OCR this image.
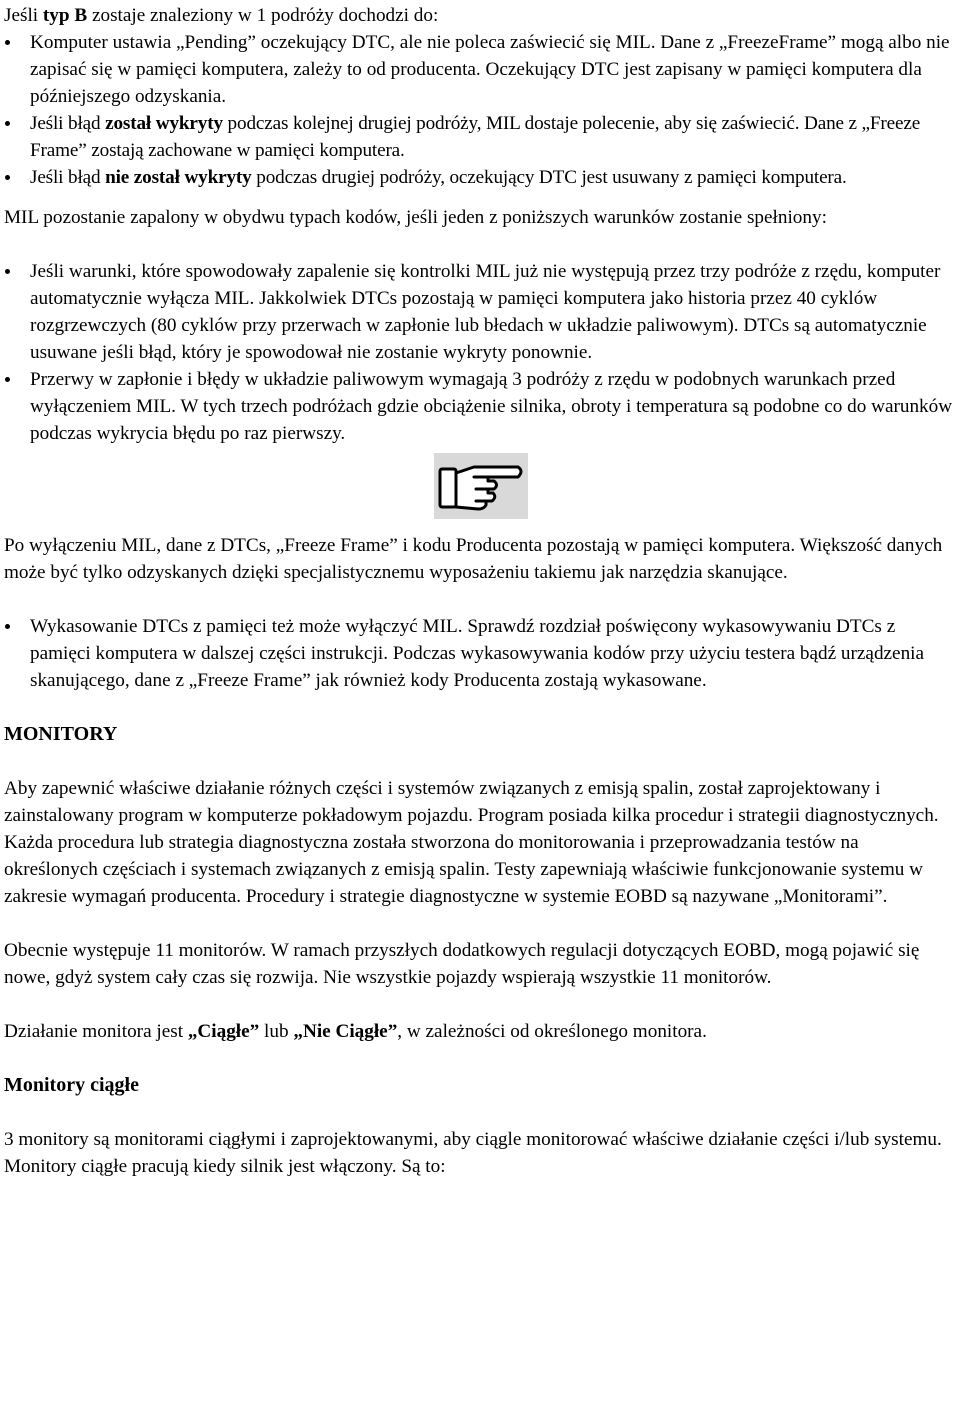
Jeśli typ B zostaje znaleziony w 1 podróży dochodzi do:

Komputer ustawia „Pending” oczekujący DTC, ale nie poleca zaświecić się MIL. Dane z „FreezeFrame” mogą albo nie zapisać się w pamięci komputera, zależy to od producenta. Oczekujący DTC jest zapisany w pamięci komputera dla późniejszego odzyskania.
Jeśli błąd został wykryty podczas kolejnej drugiej podróży, MIL dostaje polecenie, aby się zaświecić. Dane z „Freeze Frame” zostają zachowane w pamięci komputera.
Jeśli błąd nie został wykryty podczas drugiej podróży, oczekujący DTC jest usuwany z pamięci komputera.

MIL pozostanie zapalony w obydwu typach kodów, jeśli jeden z poniższych warunków zostanie spełniony:

Jeśli warunki, które spowodowały zapalenie się kontrolki MIL już nie występują przez trzy podróże z rzędu, komputer automatycznie wyłącza MIL. Jakkolwiek DTCs pozostają w pamięci komputera jako historia przez 40 cyklów rozgrzewczych (80 cyklów przy przerwach w zapłonie lub błedach w układzie paliwowym). DTCs są automatycznie usuwane jeśli błąd, który je spowodował nie zostanie wykryty ponownie.
Przerwy w zapłonie i błędy w układzie paliwowym wymagają 3 podróży z rzędu w podobnych warunkach przed wyłączeniem MIL. W tych trzech podróżach gdzie obciążenie silnika, obroty i temperatura są podobne co do warunków podczas wykrycia błędu po raz pierwszy.

Po wyłączeniu MIL, dane z DTCs, „Freeze Frame” i kodu Producenta pozostają w pamięci komputera. Większość danych może być tylko odzyskanych dzięki specjalistycznemu wyposażeniu takiemu jak narzędzia skanujące.

Wykasowanie DTCs z pamięci też może wyłączyć MIL. Sprawdź rozdział poświęcony wykasowywaniu DTCs z pamięci komputera w dalszej części instrukcji. Podczas wykasowywania kodów przy użyciu testera bądź urządzenia skanującego, dane z „Freeze Frame” jak również kody Producenta zostają wykasowane.

MONITORY

Aby zapewnić właściwe działanie różnych części i systemów związanych z emisją spalin, został zaprojektowany i zainstalowany program w komputerze pokładowym pojazdu. Program posiada kilka procedur i strategii diagnostycznych. Każda procedura lub strategia diagnostyczna została stworzona do monitorowania i przeprowadzania testów na określonych częściach i systemach związanych z emisją spalin. Testy zapewniają właściwie funkcjonowanie systemu w zakresie wymagań producenta. Procedury i strategie diagnostyczne w systemie EOBD są nazywane „Monitorami”.

Obecnie występuje 11 monitorów. W ramach przyszłych dodatkowych regulacji dotyczących EOBD, mogą pojawić się nowe, gdyż system cały czas się rozwija. Nie wszystkie pojazdy wspierają wszystkie 11 monitorów.

Działanie monitora jest „Ciągłe” lub „Nie Ciągłe”, w zależności od określonego monitora.

Monitory ciągłe

3 monitory są monitorami ciągłymi i zaprojektowanymi, aby ciągle monitorować właściwe działanie części i/lub systemu. Monitory ciągłe pracują kiedy silnik jest włączony. Są to:
